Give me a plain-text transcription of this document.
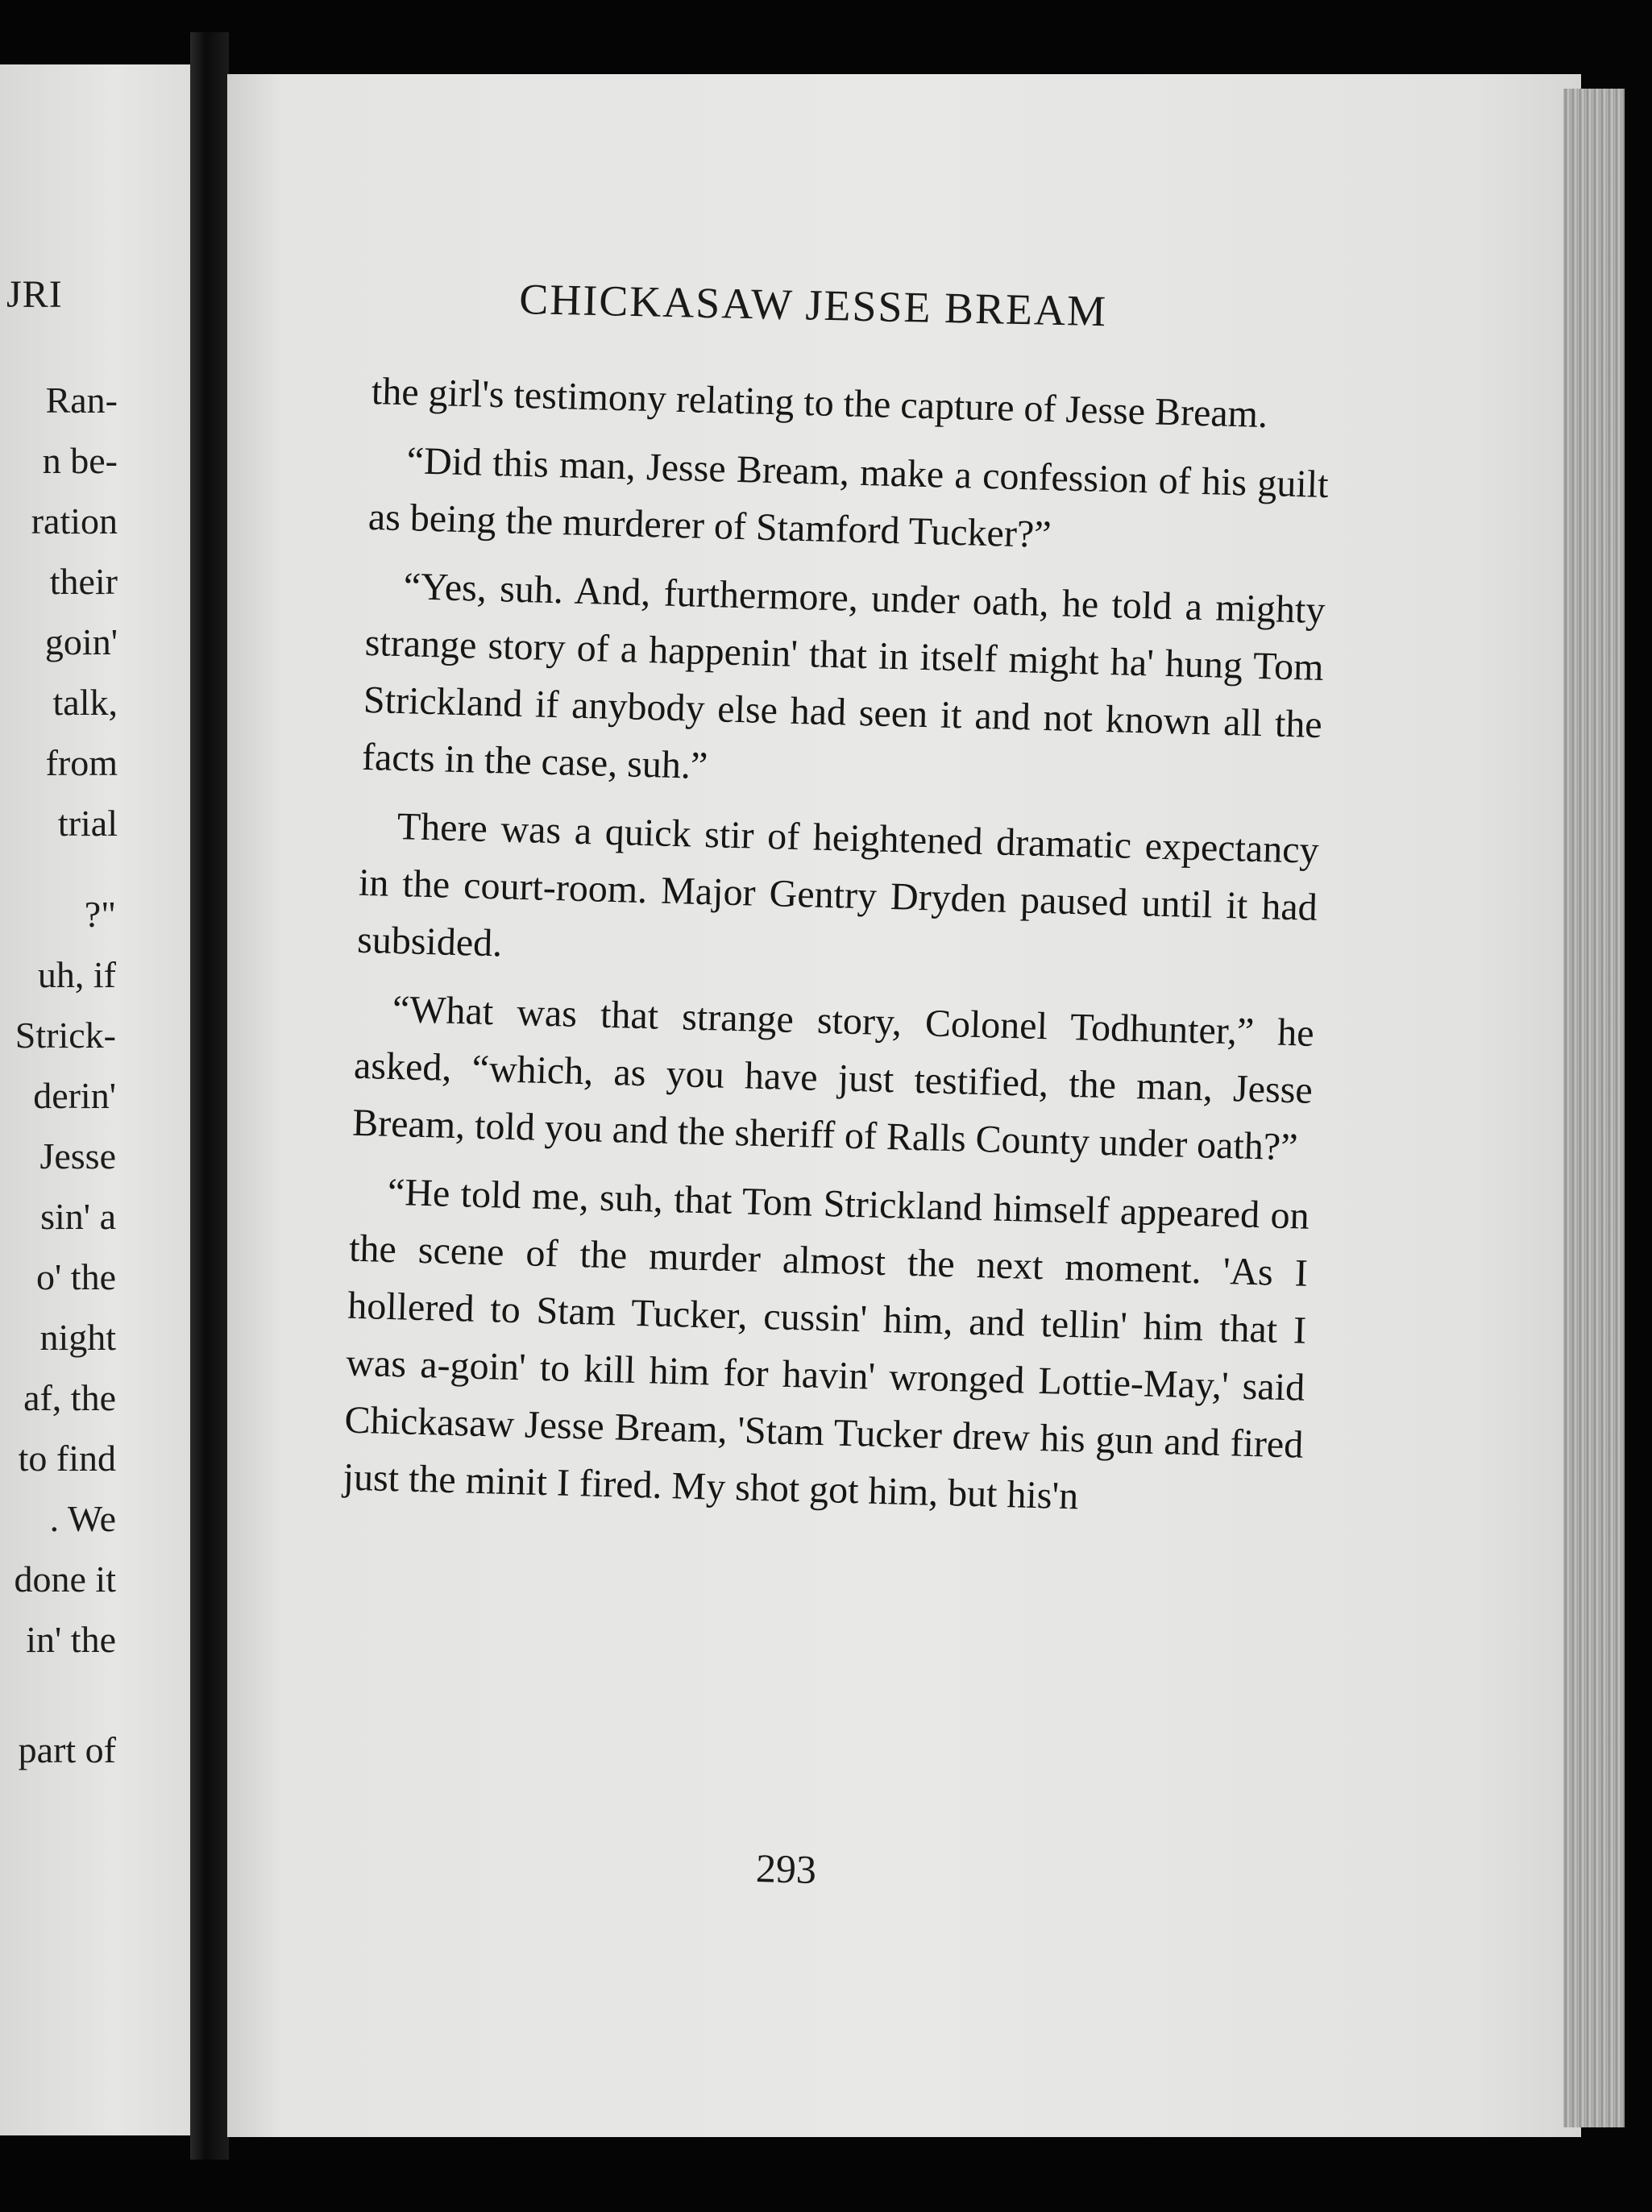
JRI
Ran-
n be-
ration
their
goin'
talk,
from
trial
?"
uh, if
Strick-
derin'
Jesse
sin' a
o' the
night
af, the
to find
. We
done it
in' the
part of
CHICKASAW JESSE BREAM

the girl's testimony relating to the capture of Jesse Bream.

“Did this man, Jesse Bream, make a confession of his guilt as being the murderer of Stamford Tucker?”

“Yes, suh. And, furthermore, under oath, he told a mighty strange story of a happenin' that in itself might ha' hung Tom Strickland if anybody else had seen it and not known all the facts in the case, suh.”

There was a quick stir of heightened dramatic expectancy in the court-room. Major Gentry Dryden paused until it had subsided.

“What was that strange story, Colonel Todhunter,” he asked, “which, as you have just testified, the man, Jesse Bream, told you and the sheriff of Ralls County under oath?”

“He told me, suh, that Tom Strickland himself appeared on the scene of the murder almost the next moment. 'As I hollered to Stam Tucker, cussin' him, and tellin' him that I was a-goin' to kill him for havin' wronged Lottie-May,' said Chickasaw Jesse Bream, 'Stam Tucker drew his gun and fired just the minit I fired. My shot got him, but his'n

293
